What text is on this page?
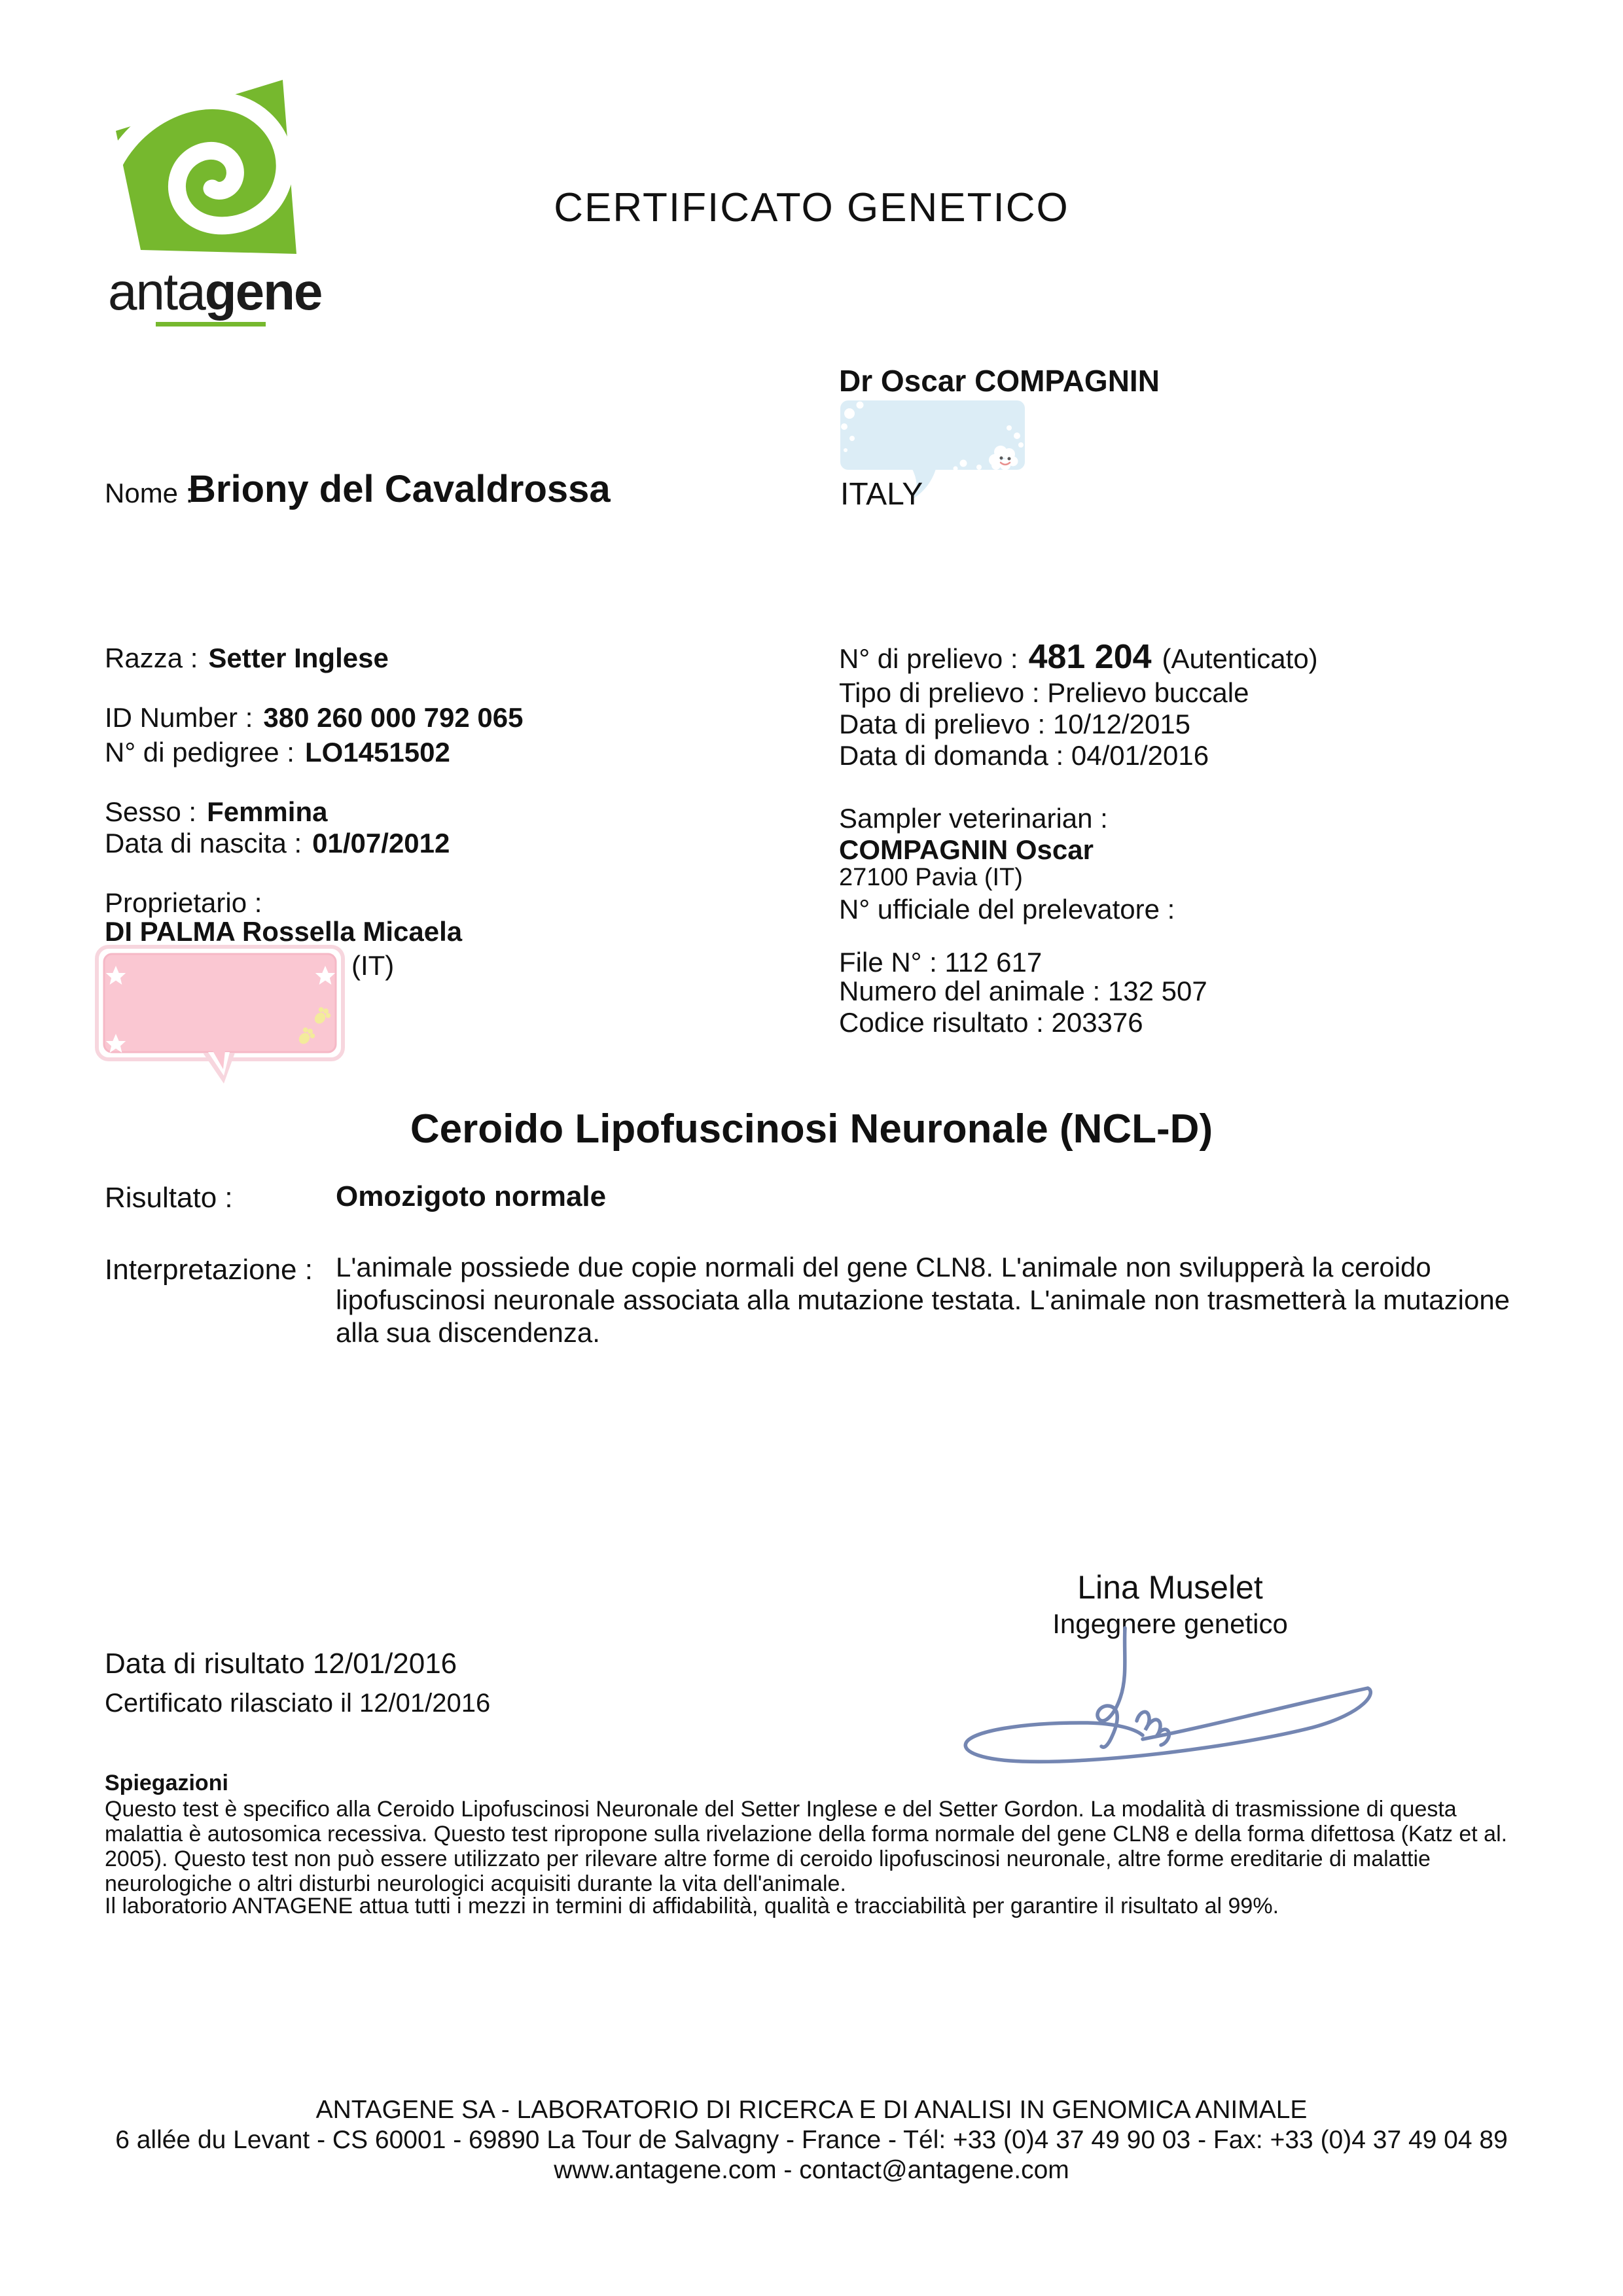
antagene
CERTIFICATO GENETICO
Dr Oscar COMPAGNIN
ITALY
Nome :
Briony del Cavaldrossa
Razza : Setter Inglese
ID Number : 380 260 000 792 065
N° di pedigree : LO1451502
Sesso : Femmina
Data di nascita : 01/07/2012
Proprietario :
DI PALMA Rossella Micaela
(IT)
N° di prelievo : 481 204 (Autenticato)
Tipo di prelievo : Prelievo buccale
Data di prelievo : 10/12/2015
Data di domanda : 04/01/2016
Sampler veterinarian :
COMPAGNIN Oscar
27100 Pavia (IT)
N° ufficiale del prelevatore :
File N° : 112 617
Numero del animale : 132 507
Codice risultato : 203376
Ceroido Lipofuscinosi Neuronale (NCL-D)
Risultato :	Omozigoto normale
Interpretazione : L'animale possiede due copie normali del gene CLN8. L'animale non svilupperà la ceroido lipofuscinosi neuronale associata alla mutazione testata. L'animale non trasmetterà la mutazione alla sua discendenza.
Lina Muselet
Ingegnere genetico
Data di risultato 12/01/2016
Certificato rilasciato il 12/01/2016
Spiegazioni
Questo test è specifico alla Ceroido Lipofuscinosi Neuronale del Setter Inglese e del Setter Gordon. La modalità di trasmissione di questa malattia è autosomica recessiva. Questo test ripropone sulla rivelazione della forma normale del gene CLN8 e della forma difettosa (Katz et al. 2005). Questo test non può essere utilizzato per rilevare altre forme di ceroido lipofuscinosi neuronale, altre forme ereditarie di malattie neurologiche o altri disturbi neurologici acquisiti durante la vita dell'animale.
Il laboratorio ANTAGENE attua tutti i mezzi in termini di affidabilità, qualità e tracciabilità per garantire il risultato al 99%.
ANTAGENE SA - LABORATORIO DI RICERCA E DI ANALISI IN GENOMICA ANIMALE
6 allée du Levant - CS 60001 - 69890 La Tour de Salvagny - France - Tél: +33 (0)4 37 49 90 03 - Fax: +33 (0)4 37 49 04 89
www.antagene.com - contact@antagene.com
